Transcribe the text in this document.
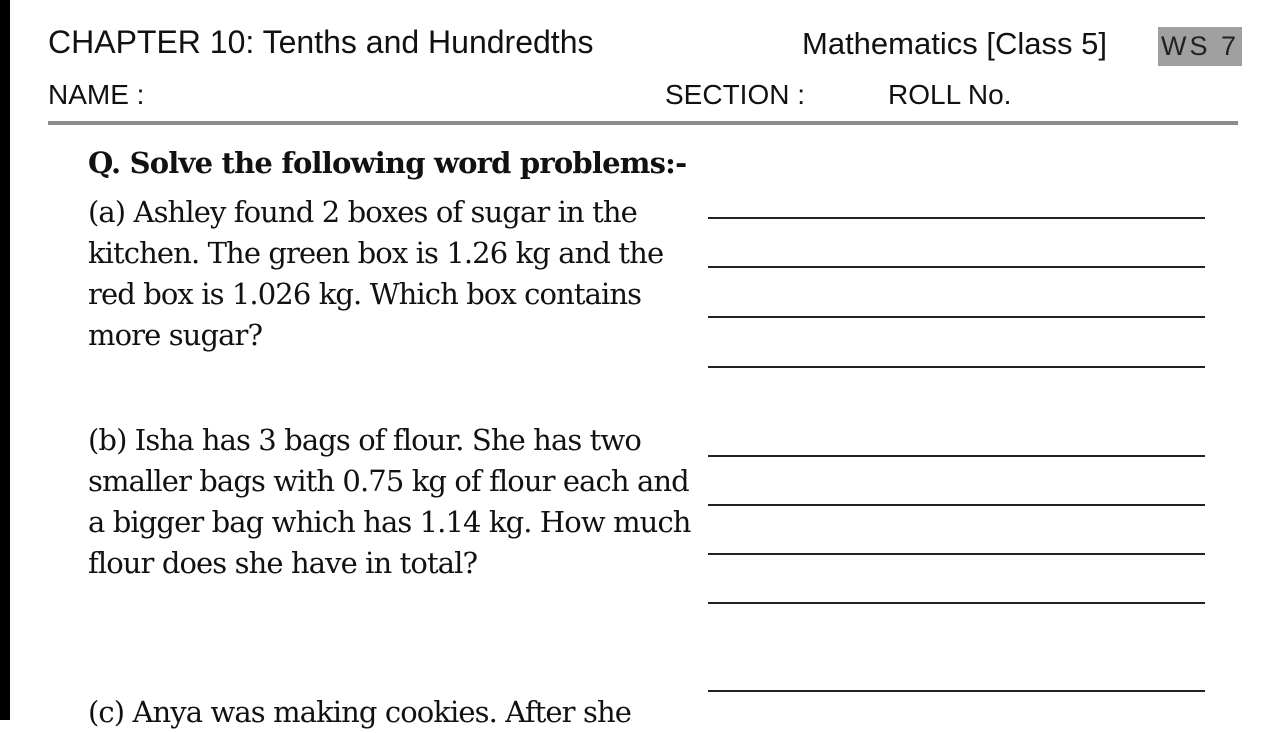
CHAPTER 10: Tenths and Hundredths	Mathematics [Class 5] WS 7
NAME :	SECTION :	ROLL No.
Q. Solve the following word problems:-
(a) Ashley found 2 boxes of sugar in the
kitchen. The green box is 1.26 kg and the
red box is 1.026 kg. Which box contains
more sugar?
(b) Isha has 3 bags of flour. She has two
smaller bags with 0.75 kg of flour each and
a bigger bag which has 1.14 kg. How much
flour does she have in total?
(c) Anya was making cookies. After she
